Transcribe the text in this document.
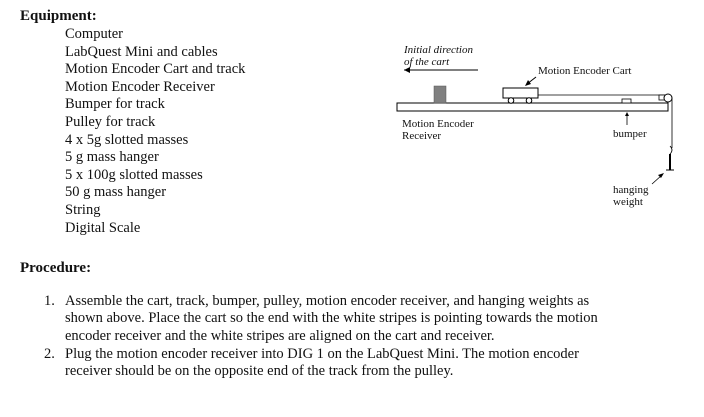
Equipment:
Computer
LabQuest Mini and cables
Motion Encoder Cart and track
Motion Encoder Receiver
Bumper for track
Pulley for track
4 x 5g slotted masses
5 g mass hanger
5 x 100g slotted masses
50 g mass hanger
String
Digital Scale
Initial direction
of the cart
Motion Encoder Cart
Motion Encoder
Receiver	bumper
hanging
weight
Procedure:
1. Assemble the cart, track, bumper, pulley, motion encoder receiver, and hanging weights as
shown above. Place the cart so the end with the white stripes is pointing towards the motion
encoder receiver and the white stripes are aligned on the cart and receiver.
2. Plug the motion encoder receiver into DIG 1 on the LabQuest Mini. The motion encoder
receiver should be on the opposite end of the track from the pulley.
